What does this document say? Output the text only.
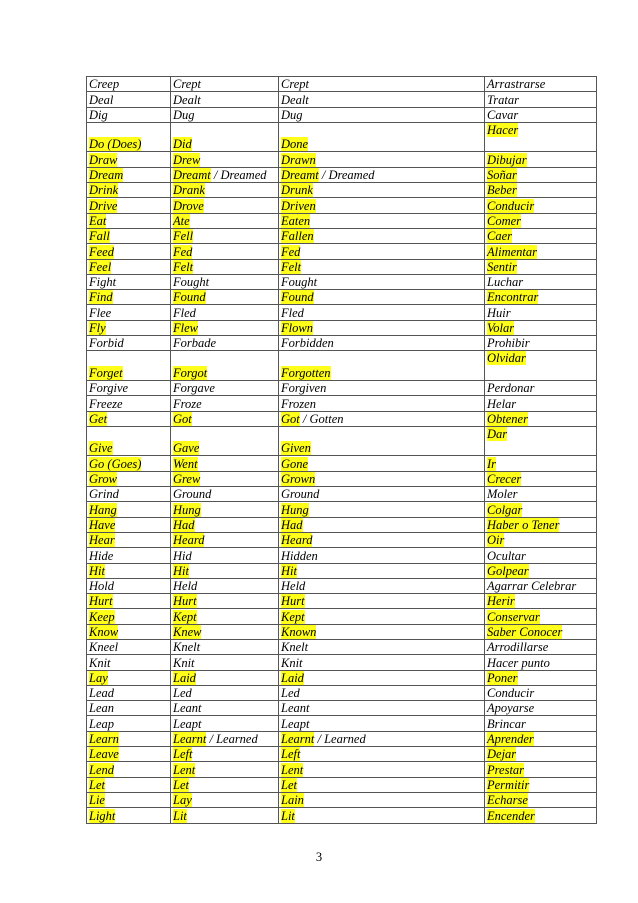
Creep	Crept	Crept	Arrastrarse
Deal	Dealt	Dealt	Tratar
Dig	Dug	Dug	Cavar
Do (Does)	Did	Done	Hacer
Draw	Drew	Drawn	Dibujar
Dream	Dreamt / Dreamed	Dreamt / Dreamed	Soñar
Drink	Drank	Drunk	Beber
Drive	Drove	Driven	Conducir
Eat	Ate	Eaten	Comer
Fall	Fell	Fallen	Caer
Feed	Fed	Fed	Alimentar
Feel	Felt	Felt	Sentir
Fight	Fought	Fought	Luchar
Find	Found	Found	Encontrar
Flee	Fled	Fled	Huir
Fly	Flew	Flown	Volar
Forbid	Forbade	Forbidden	Prohibir
Forget	Forgot	Forgotten	Olvidar
Forgive	Forgave	Forgiven	Perdonar
Freeze	Froze	Frozen	Helar
Get	Got	Got / Gotten	Obtener
Give	Gave	Given	Dar
Go (Goes)	Went	Gone	Ir
Grow	Grew	Grown	Crecer
Grind	Ground	Ground	Moler
Hang	Hung	Hung	Colgar
Have	Had	Had	Haber o Tener
Hear	Heard	Heard	Oir
Hide	Hid	Hidden	Ocultar
Hit	Hit	Hit	Golpear
Hold	Held	Held	Agarrar Celebrar
Hurt	Hurt	Hurt	Herir
Keep	Kept	Kept	Conservar
Know	Knew	Known	Saber Conocer
Kneel	Knelt	Knelt	Arrodillarse
Knit	Knit	Knit	Hacer punto
Lay	Laid	Laid	Poner
Lead	Led	Led	Conducir
Lean	Leant	Leant	Apoyarse
Leap	Leapt	Leapt	Brincar
Learn	Learnt / Learned	Learnt / Learned	Aprender
Leave	Left	Left	Dejar
Lend	Lent	Lent	Prestar
Let	Let	Let	Permitir
Lie	Lay	Lain	Echarse
Light	Lit	Lit	Encender
3
